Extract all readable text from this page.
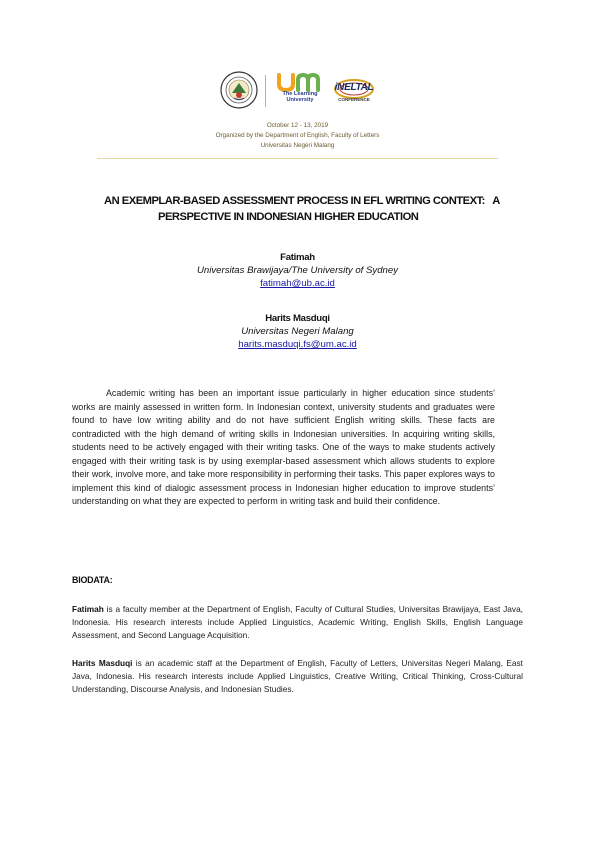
The Learning University
iNELTAL
CONFERENCE
October 12 - 13, 2019
Organized by the Department of English, Faculty of Letters
Universitas Negeri Malang
AN EXEMPLAR-BASED ASSESSMENT PROCESS IN EFL WRITING CONTEXT:   A
PERSPECTIVE IN INDONESIAN HIGHER EDUCATION
Fatimah
Universitas Brawijaya/The University of Sydney
fatimah@ub.ac.id
Harits Masduqi
Universitas Negeri Malang
harits.masduqi.fs@um.ac.id

Academic writing has been an important issue particularly in higher education since students’ works are mainly assessed in written form. In Indonesian context, university students and graduates were found to have low writing ability and do not have sufficient English writing skills. These facts are contradicted with the high demand of writing skills in Indonesian universities. In acquiring writing skills, students need to be actively engaged with their writing tasks. One of the ways to make students actively engaged with their writing task is by using exemplar-based assessment which allows students to explore their work, involve more, and take more responsibility in performing their tasks. This paper explores ways to implement this kind of dialogic assessment process in Indonesian higher education to improve students’ understanding on what they are expected to perform in writing task and build their confidence.

BIODATA:

Fatimah is a faculty member at the Department of English, Faculty of Cultural Studies, Universitas Brawijaya, East Java, Indonesia. His research interests include Applied Linguistics, Academic Writing, English Skills, English Language Assessment, and Second Language Acquisition.

Harits Masduqi is an academic staff at the Department of English, Faculty of Letters, Universitas Negeri Malang, East Java, Indonesia. His research interests include Applied Linguistics, Creative Writing, Critical Thinking, Cross-Cultural Understanding, Discourse Analysis, and Indonesian Studies.
